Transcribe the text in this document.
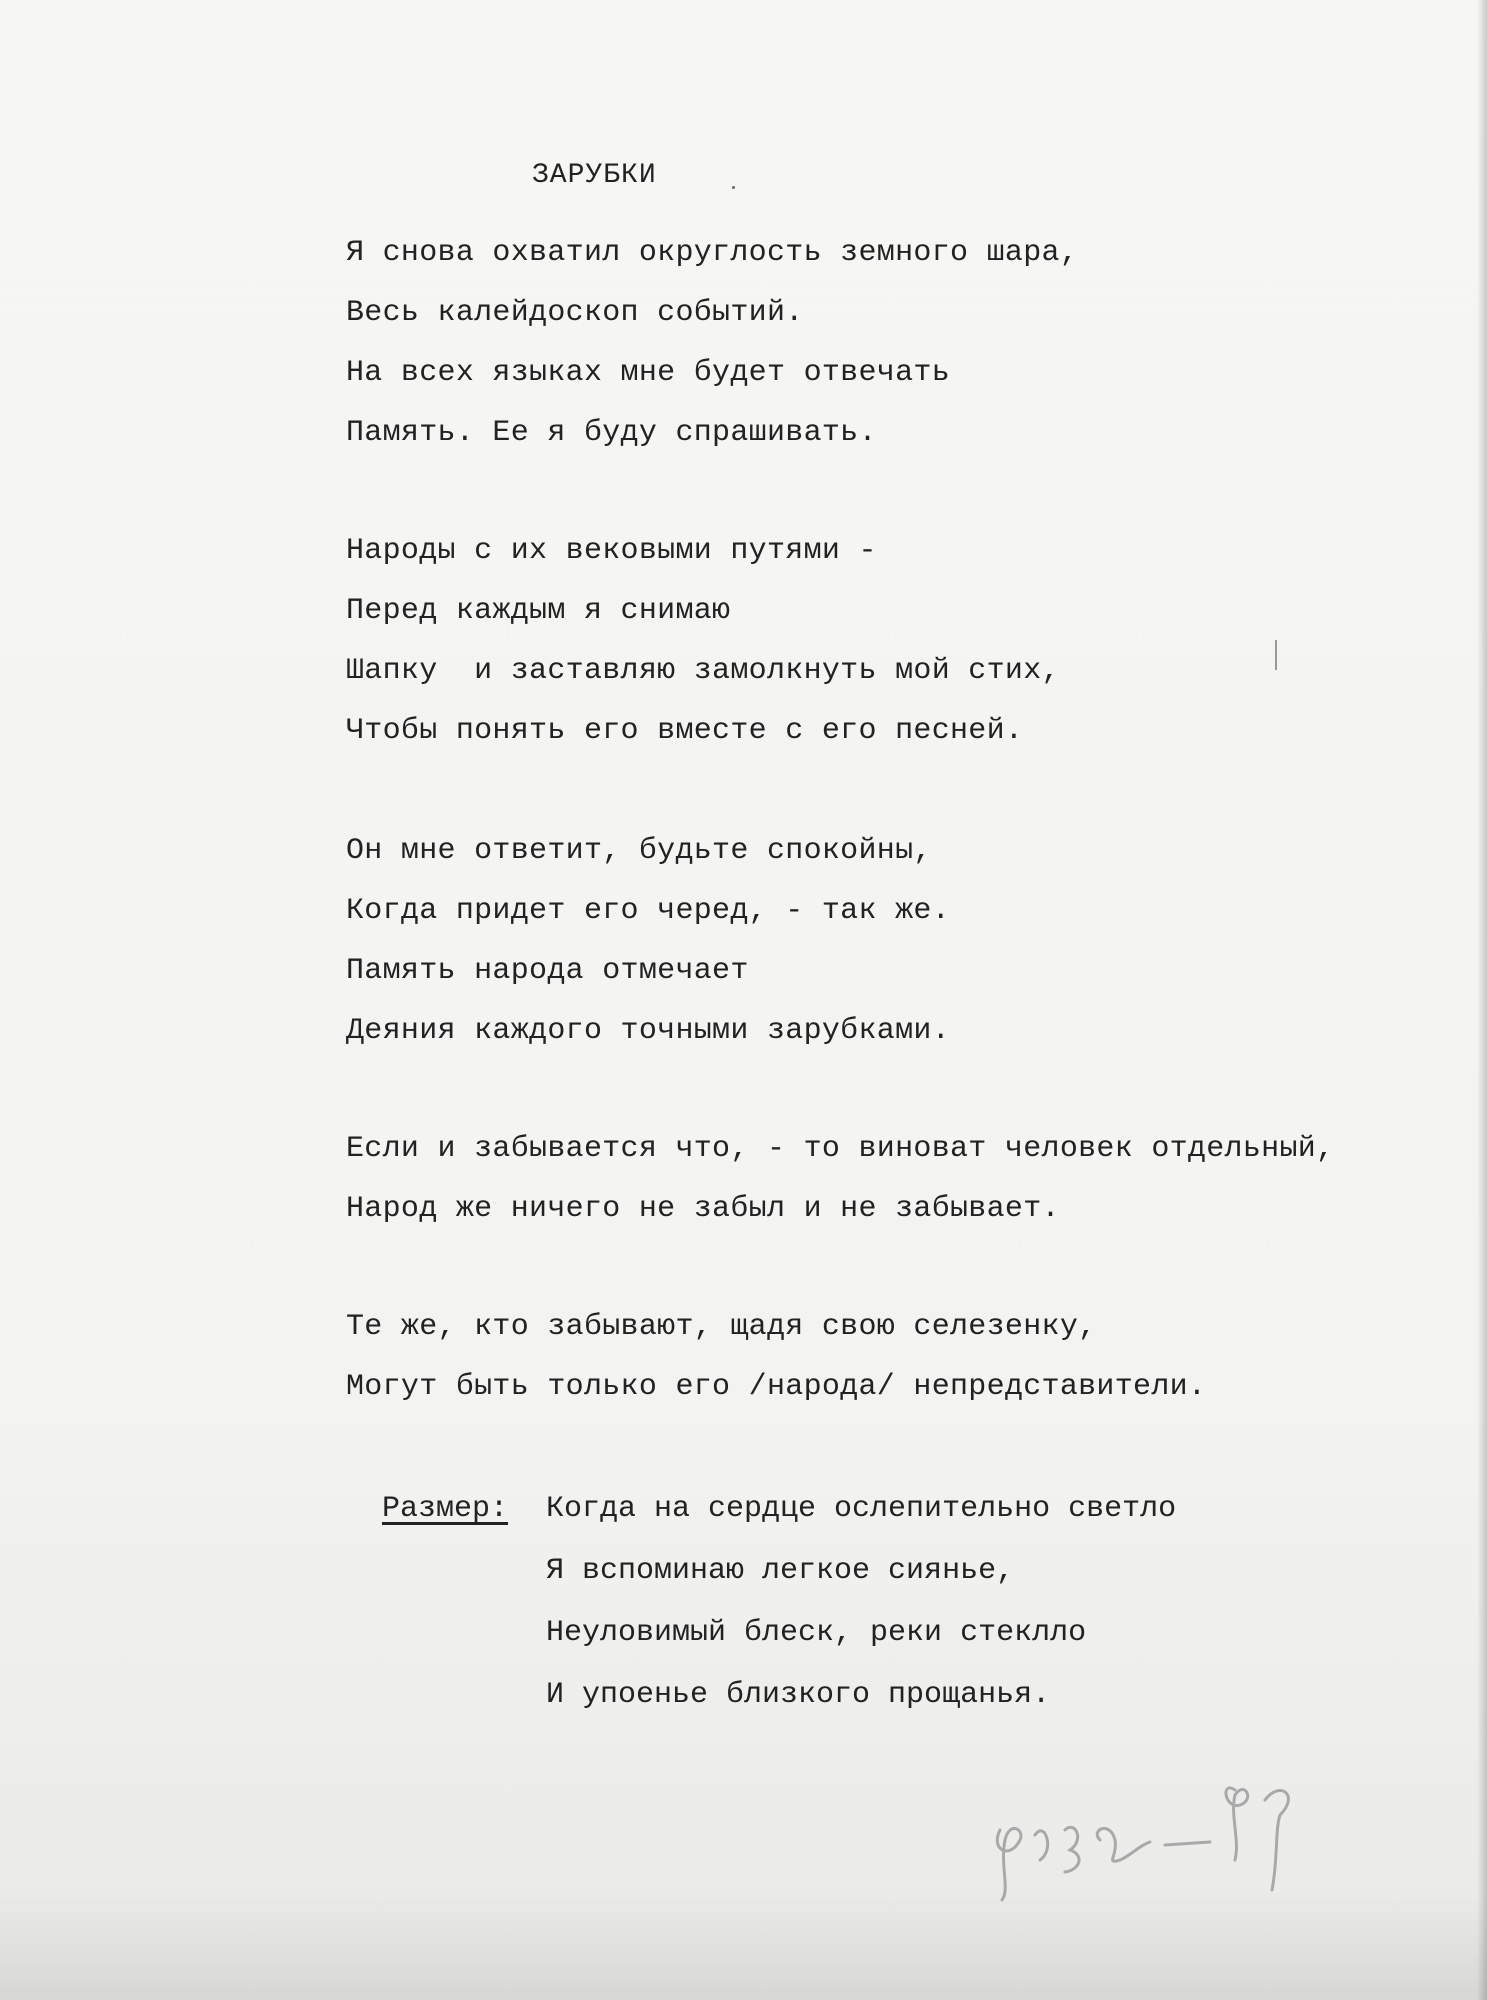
ЗАРУБКИ
Я снова охватил округлость земного шара,
Весь калейдоскоп событий.
На всех языках мне будет отвечать
Память. Ее я буду спрашивать.
Народы с их вековыми путями -
Перед каждым я снимаю
Шапку  и заставляю замолкнуть мой стих,
Чтобы понять его вместе с его песней.
Он мне ответит, будьте спокойны,
Когда придет его черед, - так же.
Память народа отмечает
Деяния каждого точными зарубками.
Если и забывается что, - то виноват человек отдельный,
Народ же ничего не забыл и не забывает.
Те же, кто забывают, щадя свою селезенку,
Могут быть только его /народа/ непредставители.
Размер: Когда на сердце ослепительно светло
Я вспоминаю легкое сиянье,
Неуловимый блеск, реки стеклло
И упоенье близкого прощанья.
